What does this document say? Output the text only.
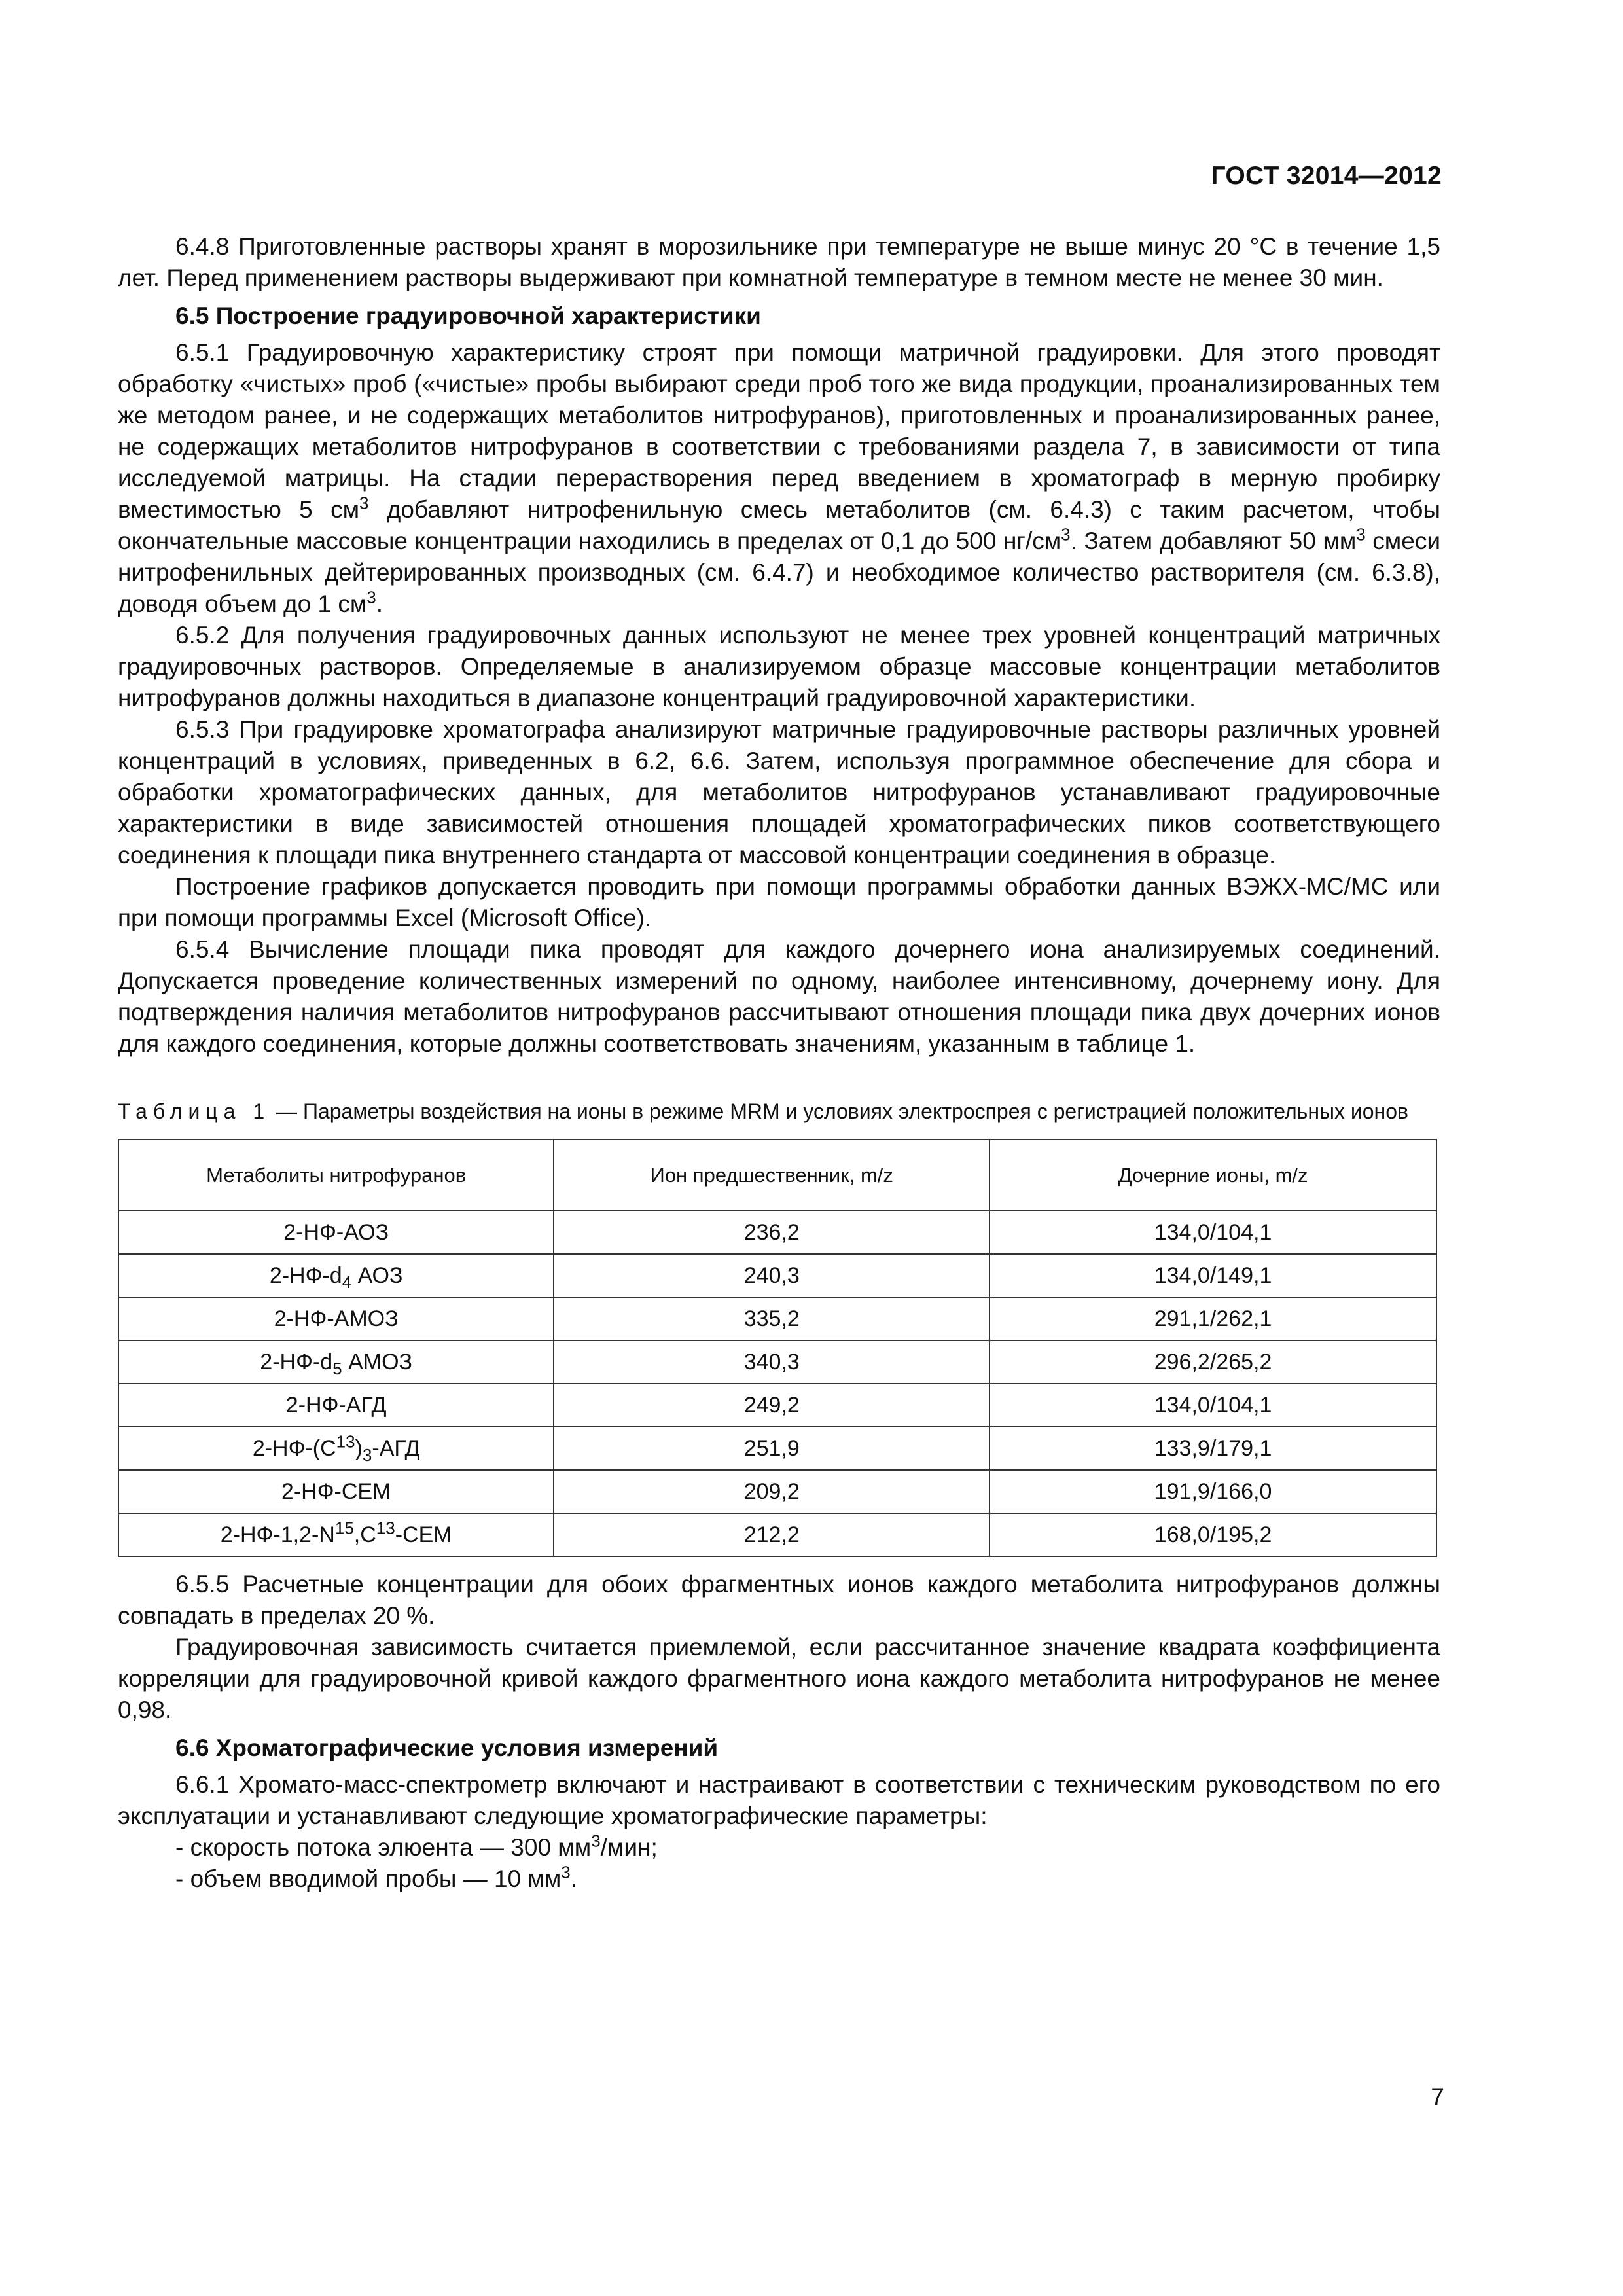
ГОСТ 32014—2012

6.4.8 Приготовленные растворы хранят в морозильнике при температуре не выше минус 20 °С в течение 1,5 лет. Перед применением растворы выдерживают при комнатной температуре в темном месте не менее 30 мин.

6.5 Построение градуировочной характеристики

6.5.1 Градуировочную характеристику строят при помощи матричной градуировки. Для этого проводят обработку «чистых» проб («чистые» пробы выбирают среди проб того же вида продукции, проанализированных тем же методом ранее, и не содержащих метаболитов нитрофуранов), приготовленных и проанализированных ранее, не содержащих метаболитов нитрофуранов в соответствии с требованиями раздела 7, в зависимости от типа исследуемой матрицы. На стадии перерастворения перед введением в хроматограф в мерную пробирку вместимостью 5 $см^3$ добавляют нитрофенильную смесь метаболитов (см. 6.4.3) с таким расчетом, чтобы окончательные массовые концентрации находились в пределах от 0,1 до 500 $нг/см^3$. Затем добавляют 50 $мм^3$ смеси нитрофенильных дейтерированных производных (см. 6.4.7) и необходимое количество растворителя (см. 6.3.8), доводя объем до 1 $см^3$.

6.5.2 Для получения градуировочных данных используют не менее трех уровней концентраций матричных градуировочных растворов. Определяемые в анализируемом образце массовые концентрации метаболитов нитрофуранов должны находиться в диапазоне концентраций градуировочной характеристики.

6.5.3 При градуировке хроматографа анализируют матричные градуировочные растворы различных уровней концентраций в условиях, приведенных в 6.2, 6.6. Затем, используя программное обеспечение для сбора и обработки хроматографических данных, для метаболитов нитрофуранов устанавливают градуировочные характеристики в виде зависимостей отношения площадей хроматографических пиков соответствующего соединения к площади пика внутреннего стандарта от массовой концентрации соединения в образце.

Построение графиков допускается проводить при помощи программы обработки данных ВЭЖХ-МС/МС или при помощи программы Excel (Microsoft Office).

6.5.4 Вычисление площади пика проводят для каждого дочернего иона анализируемых соединений. Допускается проведение количественных измерений по одному, наиболее интенсивному, дочернему иону. Для подтверждения наличия метаболитов нитрофуранов рассчитывают отношения площади пика двух дочерних ионов для каждого соединения, которые должны соответствовать значениям, указанным в таблице 1.

Таблица 1 — Параметры воздействия на ионы в режиме MRM и условиях электроспрея с регистрацией положительных ионов
Метаболиты нитрофуранов	Ион предшественник, m/z	Дочерние ионы, m/z
2-НФ-АОЗ	236,2	134,0/104,1
$2-НФ-d_4$ АОЗ	240,3	134,0/149,1
2-НФ-АМОЗ	335,2	291,1/262,1
$2-НФ-d_5$ АМОЗ	340,3	296,2/265,2
2-НФ-АГД	249,2	134,0/104,1
$2-НФ-(С^{13})_3$-АГД	251,9	133,9/179,1
2-НФ-СЕМ	209,2	191,9/166,0
$2-НФ-1,2-N^{15},С^{13}$-СЕМ	212,2	168,0/195,2

6.5.5 Расчетные концентрации для обоих фрагментных ионов каждого метаболита нитрофуранов должны совпадать в пределах 20 %.

Градуировочная зависимость считается приемлемой, если рассчитанное значение квадрата коэффициента корреляции для градуировочной кривой каждого фрагментного иона каждого метаболита нитрофуранов не менее 0,98.

6.6 Хроматографические условия измерений

6.6.1 Хромато-масс-спектрометр включают и настраивают в соответствии с техническим руководством по его эксплуатации и устанавливают следующие хроматографические параметры:

- скорость потока элюента — 300 $мм^3$/мин;

- объем вводимой пробы — 10 $мм^3$.

7
